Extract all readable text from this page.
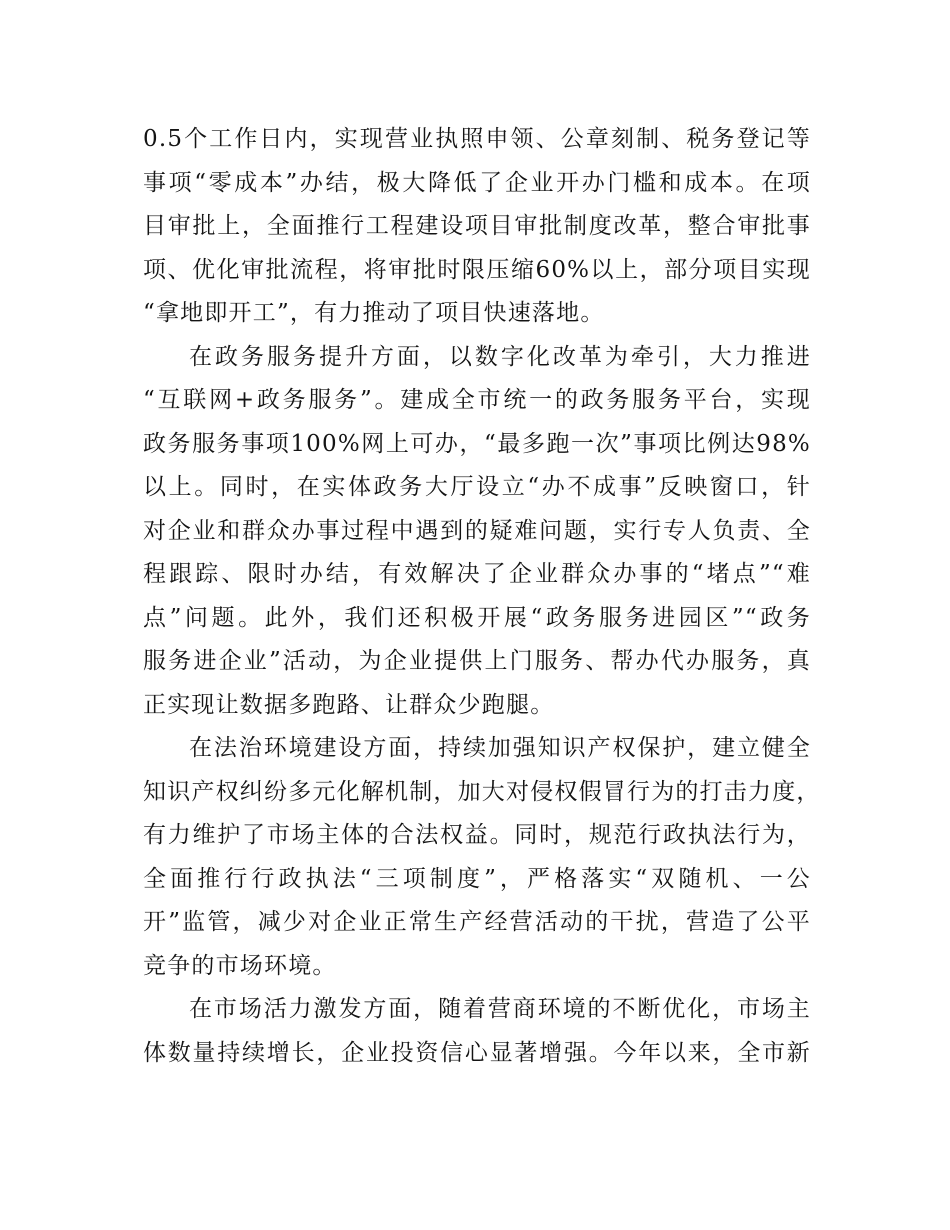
0.5个工作日内，实现营业执照申领、公章刻制、税务登记等
事项“零成本”办结，极大降低了企业开办门槛和成本。在项
目审批上，全面推行工程建设项目审批制度改革，整合审批事
项、优化审批流程，将审批时限压缩60%以上，部分项目实现
“拿地即开工”，有力推动了项目快速落地。
在政务服务提升方面，以数字化改革为牵引，大力推进
“互联网+政务服务”。建成全市统一的政务服务平台，实现
政务服务事项100%网上可办，“最多跑一次”事项比例达98%
以上。同时，在实体政务大厅设立“办不成事”反映窗口，针
对企业和群众办事过程中遇到的疑难问题，实行专人负责、全
程跟踪、限时办结，有效解决了企业群众办事的“堵点”“难
点”问题。此外，我们还积极开展“政务服务进园区”“政务
服务进企业”活动，为企业提供上门服务、帮办代办服务，真
正实现让数据多跑路、让群众少跑腿。
在法治环境建设方面，持续加强知识产权保护，建立健全
知识产权纠纷多元化解机制，加大对侵权假冒行为的打击力度，
有力维护了市场主体的合法权益。同时，规范行政执法行为，
全面推行行政执法“三项制度”，严格落实“双随机、一公
开”监管，减少对企业正常生产经营活动的干扰，营造了公平
竞争的市场环境。
在市场活力激发方面，随着营商环境的不断优化，市场主
体数量持续增长，企业投资信心显著增强。今年以来，全市新
